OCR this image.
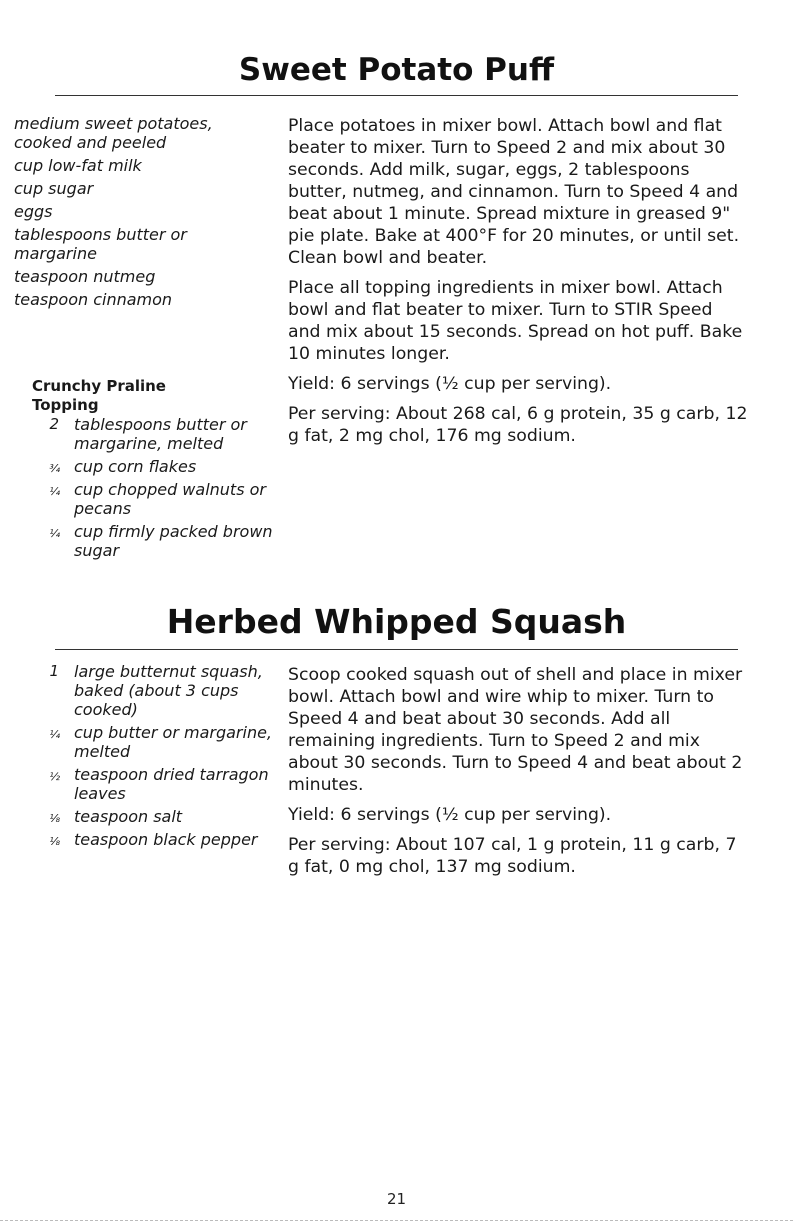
Sweet Potato Puff
medium sweet potatoes, cooked and peeled
cup low-fat milk
cup sugar
eggs
tablespoons butter or margarine
teaspoon nutmeg
teaspoon cinnamon
Crunchy Praline Topping
2 tablespoons butter or margarine, melted
¾ cup corn flakes
¼ cup chopped walnuts or pecans
¼ cup firmly packed brown sugar

Place potatoes in mixer bowl. Attach bowl and flat beater to mixer. Turn to Speed 2 and mix about 30 seconds. Add milk, sugar, eggs, 2 tablespoons butter, nutmeg, and cinnamon. Turn to Speed 4 and beat about 1 minute. Spread mixture in greased 9" pie plate. Bake at 400°F for 20 minutes, or until set. Clean bowl and beater.

Place all topping ingredients in mixer bowl. Attach bowl and flat beater to mixer. Turn to STIR Speed and mix about 15 seconds. Spread on hot puff. Bake 10 minutes longer.

Yield: 6 servings (½ cup per serving).

Per serving: About 268 cal, 6 g protein, 35 g carb, 12 g fat, 2 mg chol, 176 mg sodium.

Herbed Whipped Squash
1 large butternut squash, baked (about 3 cups cooked)
¼ cup butter or margarine, melted
½ teaspoon dried tarragon leaves
⅛ teaspoon salt
⅛ teaspoon black pepper

Scoop cooked squash out of shell and place in mixer bowl. Attach bowl and wire whip to mixer. Turn to Speed 4 and beat about 30 seconds. Add all remaining ingredients. Turn to Speed 2 and mix about 30 seconds. Turn to Speed 4 and beat about 2 minutes.

Yield: 6 servings (½ cup per serving).

Per serving: About 107 cal, 1 g protein, 11 g carb, 7 g fat, 0 mg chol, 137 mg sodium.

21
